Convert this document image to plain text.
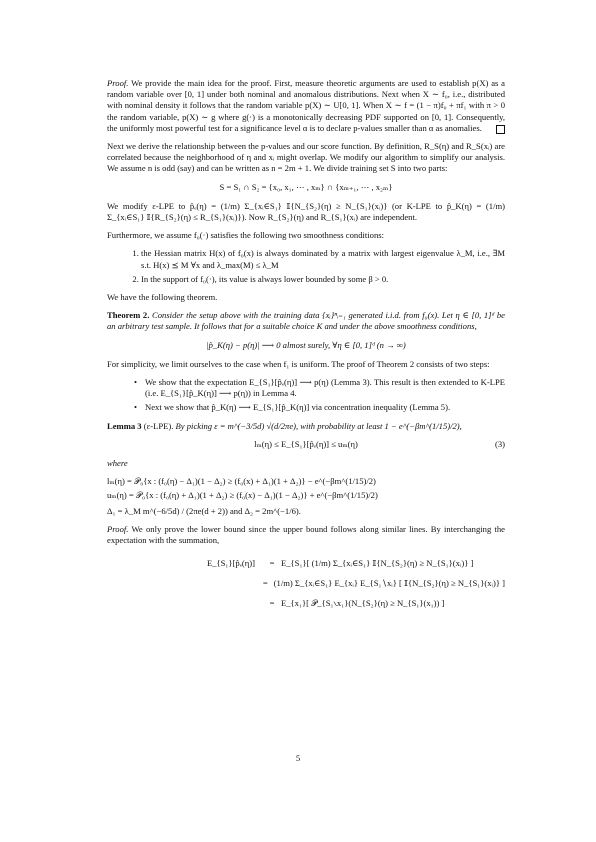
Proof. We provide the main idea for the proof. First, measure theoretic arguments are used to establish p(X) as a random variable over [0, 1] under both nominal and anomalous distributions. Next when X ∼ f₀, i.e., distributed with nominal density it follows that the random variable p(X) ∼ U[0, 1]. When X ∼ f = (1 − π)f₀ + πf₁ with π > 0 the random variable, p(X) ∼ g where g(·) is a monotonically decreasing PDF supported on [0, 1]. Consequently, the uniformly most powerful test for a significance level α is to declare p-values smaller than α as anomalies.

Next we derive the relationship between the p-values and our score function. By definition, R_S(η) and R_S(xᵢ) are correlated because the neighborhood of η and xᵢ might overlap. We modify our algorithm to simplify our analysis. We assume n is odd (say) and can be written as n = 2m + 1. We divide training set S into two parts:

S = S₁ ∩ S₂ = {x₀, x₁, ⋯ , xₘ} ∩ {xₘ₊₁, ⋯ , x₂ₘ}

We modify ε-LPE to p̂ₑ(η) = (1/m) Σ_{xᵢ∈S₁} 𝕀{N_{S₂}(η) ≥ N_{S₁}(xᵢ)} (or K-LPE to p̂_K(η) = (1/m) Σ_{xᵢ∈S₁} 𝕀{R_{S₂}(η) ≤ R_{S₁}(xᵢ)}). Now R_{S₂}(η) and R_{S₁}(xᵢ) are independent.

Furthermore, we assume f₀(·) satisfies the following two smoothness conditions:

1. the Hessian matrix H(x) of f₀(x) is always dominated by a matrix with largest eigenvalue λ_M, i.e., ∃M s.t. H(x) ⪯ M ∀x and λ_max(M) ≤ λ_M
2. In the support of f₀(·), its value is always lower bounded by some β > 0.

We have the following theorem.

Theorem 2. Consider the setup above with the training data {xᵢ}ⁿᵢ₌₁ generated i.i.d. from f₀(x). Let η ∈ [0, 1]ᵈ be an arbitrary test sample. It follows that for a suitable choice K and under the above smoothness conditions,

|p̂_K(η) − p(η)| ⟶ 0 almost surely, ∀η ∈ [0, 1]ᵈ (n → ∞)

For simplicity, we limit ourselves to the case when f₁ is uniform. The proof of Theorem 2 consists of two steps:

• We show that the expectation E_{S₁}[p̂ₑ(η)] ⟶ p(η) (Lemma 3). This result is then extended to K-LPE (i.e. E_{S₁}[p̂_K(η)] ⟶ p(η)) in Lemma 4.
• Next we show that p̂_K(η) ⟶ E_{S₁}[p̂_K(η)] via concentration inequality (Lemma 5).

Lemma 3 (ε-LPE). By picking ε = m^(−3/5d) √(d/2πe), with probability at least 1 − e^(−βm^(1/15)/2),

lₘ(η) ≤ E_{S₁}[p̂ₑ(η)] ≤ uₘ(η)	(3)

where

lₘ(η) = 𝒫₀{x : (f₀(η) − Δ₁)(1 − Δ₂) ≥ (f₀(x) + Δ₁)(1 + Δ₂)} − e^(−βm^(1/15)/2)
uₘ(η) = 𝒫₀{x : (f₀(η) + Δ₁)(1 + Δ₂) ≥ (f₀(x) − Δ₁)(1 − Δ₂)} + e^(−βm^(1/15)/2)

Δ₁ = λ_M m^(−6/5d) / (2πe(d + 2)) and Δ₂ = 2m^(−1/6).

Proof. We only prove the lower bound since the upper bound follows along similar lines. By interchanging the expectation with the summation,

E_{S₁}[p̂ₑ(η)]	= E_{S₁}[ (1/m) Σ_{xᵢ∈S₁} 𝕀{N_{S₂}(η) ≥ N_{S₁}(xᵢ)} ]
= (1/m) Σ_{xᵢ∈S₁} E_{xᵢ} E_{S₁∖xᵢ} [ 𝕀{N_{S₂}(η) ≥ N_{S₁}(xᵢ)} ]
= E_{x₁}[ 𝒫_{S₁∖x₁}(N_{S₂}(η) ≥ N_{S₁}(x₁)) ]
5
